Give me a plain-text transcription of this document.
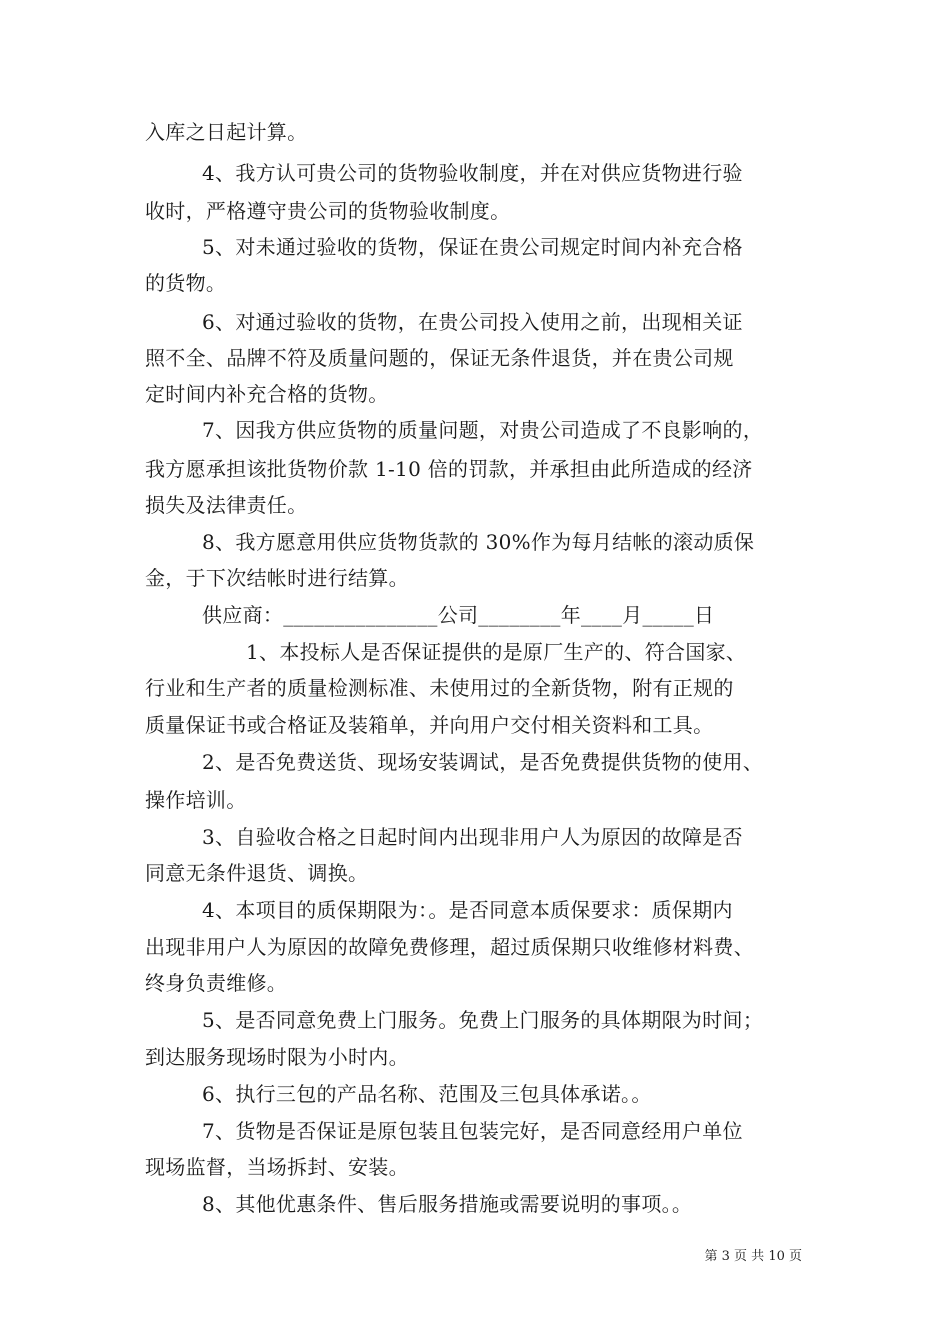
入库之日起计算。
4、我方认可贵公司的货物验收制度，并在对供应货物进行验
收时，严格遵守贵公司的货物验收制度。
5、对未通过验收的货物，保证在贵公司规定时间内补充合格
的货物。
6、对通过验收的货物，在贵公司投入使用之前，出现相关证
照不全、品牌不符及质量问题的，保证无条件退货，并在贵公司规
定时间内补充合格的货物。
7、因我方供应货物的质量问题，对贵公司造成了不良影响的，
我方愿承担该批货物价款 1-10 倍的罚款，并承担由此所造成的经济
损失及法律责任。
8、我方愿意用供应货物货款的 30%作为每月结帐的滚动质保
金，于下次结帐时进行结算。
供应商：_______________公司________年____月_____日
1、本投标人是否保证提供的是原厂生产的、符合国家、
行业和生产者的质量检测标准、未使用过的全新货物，附有正规的
质量保证书或合格证及装箱单，并向用户交付相关资料和工具。
2、是否免费送货、现场安装调试，是否免费提供货物的使用、
操作培训。
3、自验收合格之日起时间内出现非用户人为原因的故障是否
同意无条件退货、调换。
4、本项目的质保期限为：。是否同意本质保要求：质保期内
出现非用户人为原因的故障免费修理，超过质保期只收维修材料费、
终身负责维修。
5、是否同意免费上门服务。免费上门服务的具体期限为时间；
到达服务现场时限为小时内。
6、执行三包的产品名称、范围及三包具体承诺。。
7、货物是否保证是原包装且包装完好，是否同意经用户单位
现场监督，当场拆封、安装。
8、其他优惠条件、售后服务措施或需要说明的事项。。
第 3 页 共 10 页
